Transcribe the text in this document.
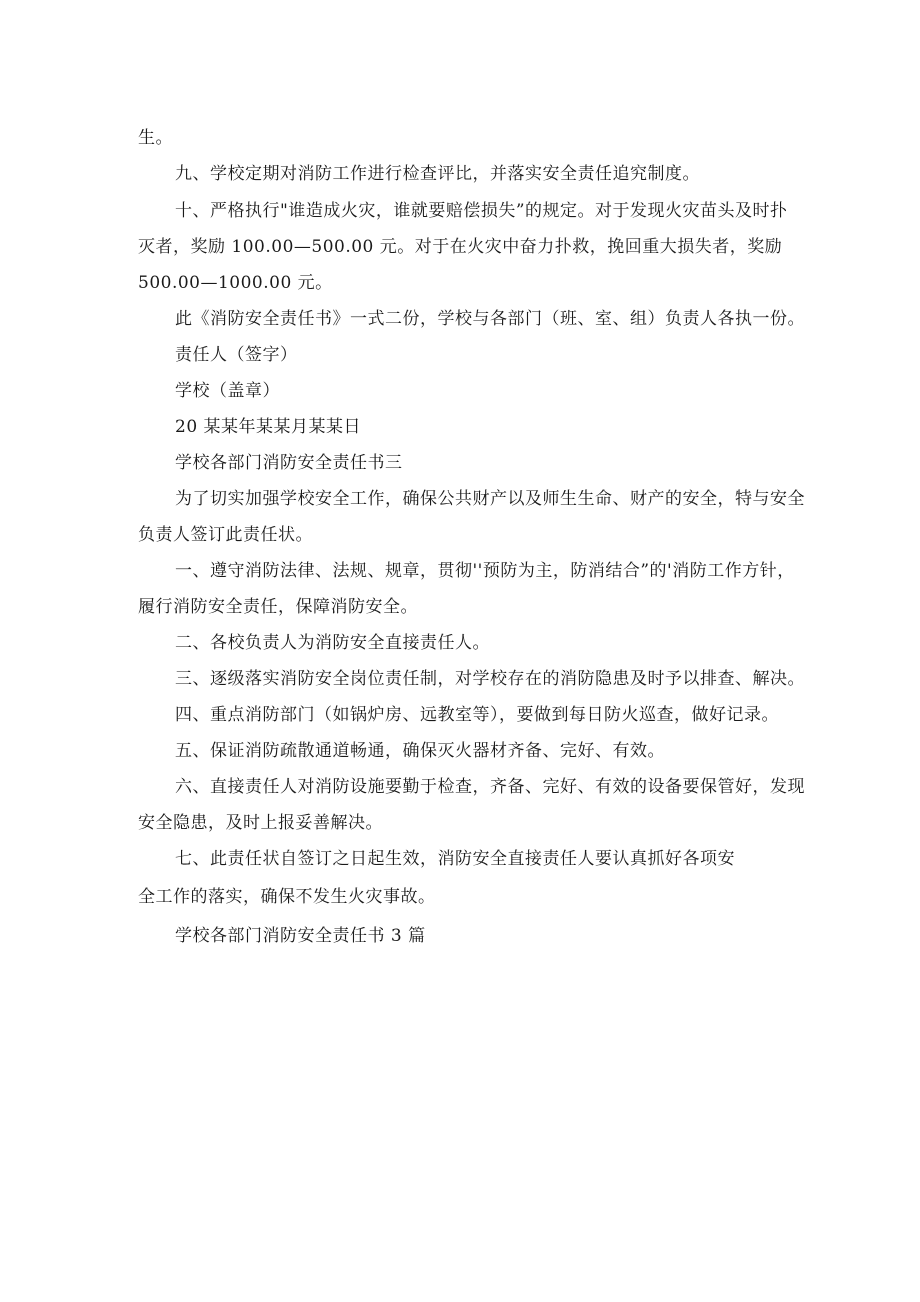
生。
九、学校定期对消防工作进行检查评比，并落实安全责任追究制度。
十、严格执行"谁造成火灾，谁就要赔偿损失”的规定。对于发现火灾苗头及时扑
灭者，奖励 100.00—500.00 元。对于在火灾中奋力扑救，挽回重大损失者，奖励
500.00—1000.00 元。
此《消防安全责任书》一式二份，学校与各部门（班、室、组）负责人各执一份。
责任人（签字）
学校（盖章）
20 某某年某某月某某日
学校各部门消防安全责任书三
为了切实加强学校安全工作，确保公共财产以及师生生命、财产的安全，特与安全
负责人签订此责任状。
一、遵守消防法律、法规、规章，贯彻''预防为主，防消结合”的'消防工作方针，
履行消防安全责任，保障消防安全。
二、各校负责人为消防安全直接责任人。
三、逐级落实消防安全岗位责任制，对学校存在的消防隐患及时予以排查、解决。
四、重点消防部门（如锅炉房、远教室等），要做到每日防火巡查，做好记录。
五、保证消防疏散通道畅通，确保灭火器材齐备、完好、有效。
六、直接责任人对消防设施要勤于检查，齐备、完好、有效的设备要保管好，发现
安全隐患，及时上报妥善解决。
七、此责任状自签订之日起生效，消防安全直接责任人要认真抓好各项安
全工作的落实，确保不发生火灾事故。
学校各部门消防安全责任书 3 篇
